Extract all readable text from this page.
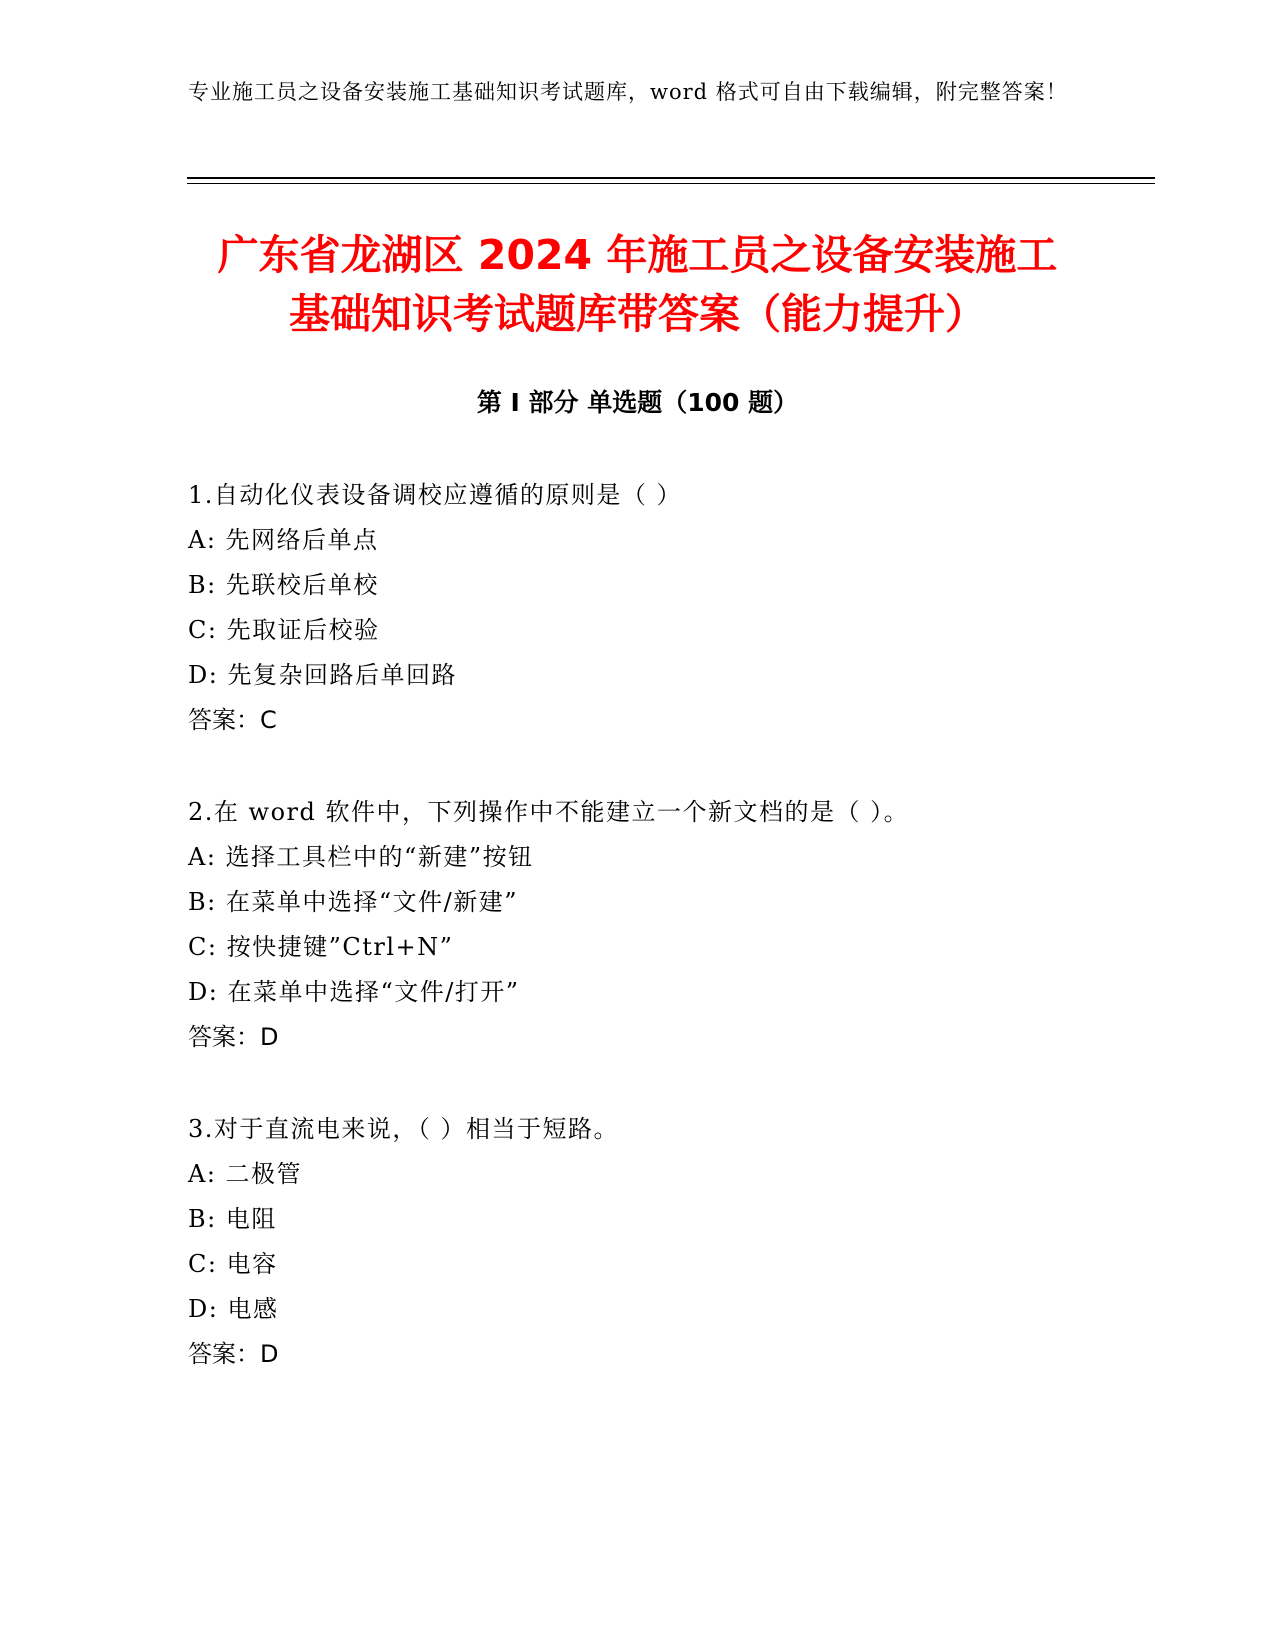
专业施工员之设备安装施工基础知识考试题库，word 格式可自由下载编辑，附完整答案！
广东省龙湖区 2024 年施工员之设备安装施工
基础知识考试题库带答案（能力提升）
第 I 部分 单选题（100 题）
1.自动化仪表设备调校应遵循的原则是（ ）
A: 先网络后单点
B: 先联校后单校
C: 先取证后校验
D: 先复杂回路后单回路
答案：C
2.在 word 软件中，下列操作中不能建立一个新文档的是（ ）。
A: 选择工具栏中的“新建”按钮
B: 在菜单中选择“文件/新建”
C: 按快捷键”Ctrl+N”
D: 在菜单中选择“文件/打开”
答案：D
3.对于直流电来说，（ ）相当于短路。
A: 二极管
B: 电阻
C: 电容
D: 电感
答案：D
